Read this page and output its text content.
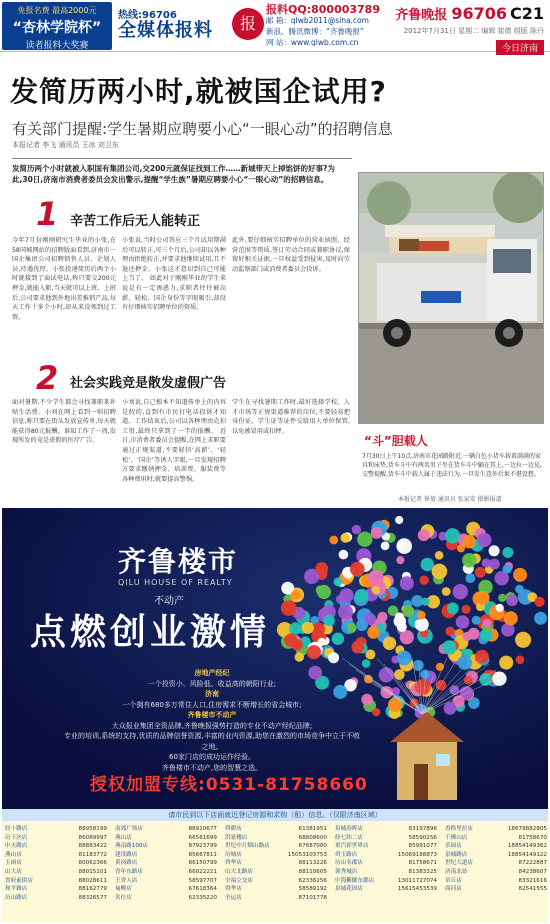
免报名费 最高2000元
“杏林学院杯”
读者报料大奖赛
热线:96706
全媒体报料	报
报料QQ:800003789
邮 箱：qlwb2011@sina.com
新浪、腾讯微博：“齐鲁晚报”
网 站：www.qlwb.com.cn
齐鲁晚报 96706 C21
2012年7月31日 星期二 编辑 崔倩 组版 陈丹
今日济南
发简历两小时,就被国企试用?
有关部门提醒:学生暑期应聘要小心“一眼心动”的招聘信息
本报记者 李飞 通讯员 王冰 刘卫东
发简历两个小时就被入职国有集团公司,交200元就保证找到工作……新城带天上掉馅饼的好事?为此,30日,济南市消费者委员会发出警示,提醒“学生族”暑期应聘要小心“一眼心动”的招聘信息。
1 辛苦工作后无人能转正
今年7月份刚刚研究生毕业的小张,在58同城网站的招聘版面看到,济南市一国企集团公司招聘销售人员、企划人员,待遇优厚。小张投递简历后两个小时就接到了面试电话,称只要交200元押金,就能入职,当天就可以上班。上班后,公司要求他到外地出差推销产品,每天工作十多个小时,却从来没领到过工资。
小张说,当时公司答应三个月试用期满后可以转正,可三个月后,公司却以各种理由拒绝转正,并要求他继续试用,且不退还押金。小张这才意识到自己可能上当了。 如此对于刚刚毕业的学生来说是有一定诱惑力,求职者往往被高薪、轻松、国企身份等字眼吸引,却没有仔细核实招聘单位的资质。
此外,要仔细核实招聘单位的营业执照、经营范围等资质,签订劳动合同或兼职协议,保留好相关证据,一旦权益受到侵害,及时向劳动监察部门或消费者委员会投诉。
2 社会实践竞是散发虚假广告
面对暑期,不少学生都会寻找兼职来补贴生活费。小刘在网上看到一则招聘信息,称只要在街头发放宣传单,每天就能获得80元报酬。谁知工作了一周,发现所发的竟是虚假的医疗广告。
小刘说,自己根本不知道传单上的内容是假的,直到有市民打电话投诉才知道。工作结束后,公司以各种理由克扣工资,最终只拿到了一半的报酬。 近日,市消费者委员会提醒,在网上求职要通过正规渠道,不要轻信‘高薪’、‘轻松’、‘国企’等诱人字眼,一旦发现招聘方要求缴纳押金、培训费、服装费等各种费用时,就要提高警惕。
学生在寻找暑期工作时,最好选择学校、人才市场等正规渠道推荐的岗位,不要轻易把身份证、学生证等证件交给用人单位保管,以免被冒用或扣押。
“斗”胆载人
7月30日上午10点,济南市花园路附近,一辆白色小货车载着满满的家具和床垫,货车斗中有两名男子坐在货车斗中躺在其上,一边拉一边晃,交警提醒,货车斗中载人属于违法行为,一旦发生意外后果不堪设想。
本报记者 崔倩 通讯员 张家安 摄影报道
齐鲁楼市
QILU HOUSE OF REALTY
不动产
点燃创业激情
房地产经纪
一个投资小、风险低、收益高的朝阳行业;
济南
一个拥有680多万常住人口,住房需求不断增长的省会城市;
齐鲁楼市不动产
大众报业集团全资品牌,齐鲁晚报强势打造的专业不动产经纪品牌;
专业的培训,系统的支持,优质的品牌信誉资源,丰富的业内资源,助您在激烈的市场竞争中立于不败之地。
60家门店的成功运作经验。
齐鲁楼市不动产,您的智慧之选。
授权加盟专线:0531-81758660
请市民到以下店面就近登记房源和求购（租）信息。（仅限济南区域）
经十路店	88958199
历下区店	86089997
中天路店	88883422
燕山店	81183772
玉函店	80062366
山大店	88015101
省府前街店	88028611
和平路店	88162779
历山路店	88326577
南郊广场店	88910677
燕山店	66561699
燕南路100店	87923799
建设路店	85667811
黄岗路店	86150799
青年东路店	66022221
王舍人店	58597707
甸柳店	67618364
名仕店	62335220
舜耕店	61381951
洪家楼店	68808600
世纪中片烟山路店	67687080
历城店	15053103753
舜华店	88113226
山大北路店	88110605
全福立交店	62336256
舜华店	58589192
全运店	87101778
泉城春晖店	83197896
经七纬二店	58590256
重汽彩世界店	85991077
舜玉路店	15069188873
历山名郡店	81758671
领秀城店	81383325
中海紫御东郡店	13011727074
泉城花园店	15615453539
香格里拉店	18678882805
千佛山店	81758670
乐园店	18854149362
泉城路店	18854149122
世纪大道店	87222887
济南北站	84238607
章丘店	83321616
商河店	82541555
